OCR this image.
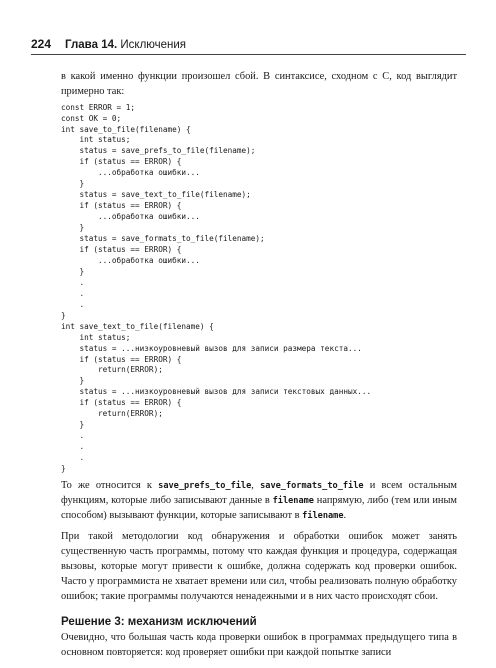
224 Глава 14. Исключения

в какой именно функции произошел сбой. В синтаксисе, сходном с С, код выглядит примерно так:

const ERROR = 1;
const OK = 0;
int save_to_file(filename) {
int status;
status = save_prefs_to_file(filename);
if (status == ERROR) {
...обработка ошибки...
}
status = save_text_to_file(filename);
if (status == ERROR) {
...обработка ошибки...
}
status = save_formats_to_file(filename);
if (status == ERROR) {
...обработка ошибки...
}
.
.
.
}
int save_text_to_file(filename) {
int status;
status = ...низкоуровневый вызов для записи размера текста...
if (status == ERROR) {
return(ERROR);
}
status = ...низкоуровневый вызов для записи текстовых данных...
if (status == ERROR) {
return(ERROR);
}
.
.
.
}

То же относится к save_prefs_to_file, save_formats_to_file и всем остальным функциям, которые либо записывают данные в filename напрямую, либо (тем или иным способом) вызывают функции, которые записывают в filename.

При такой методологии код обнаружения и обработки ошибок может занять существенную часть программы, потому что каждая функция и процедура, содержащая вызовы, которые могут привести к ошибке, должна содержать код проверки ошибок. Часто у программиста не хватает времени или сил, чтобы реализовать полную обработку ошибок; такие программы получаются ненадежными и в них часто происходят сбои.

Решение 3: механизм исключений

Очевидно, что большая часть кода проверки ошибок в программах предыдущего типа в основном повторяется: код проверяет ошибки при каждой попытке записи
